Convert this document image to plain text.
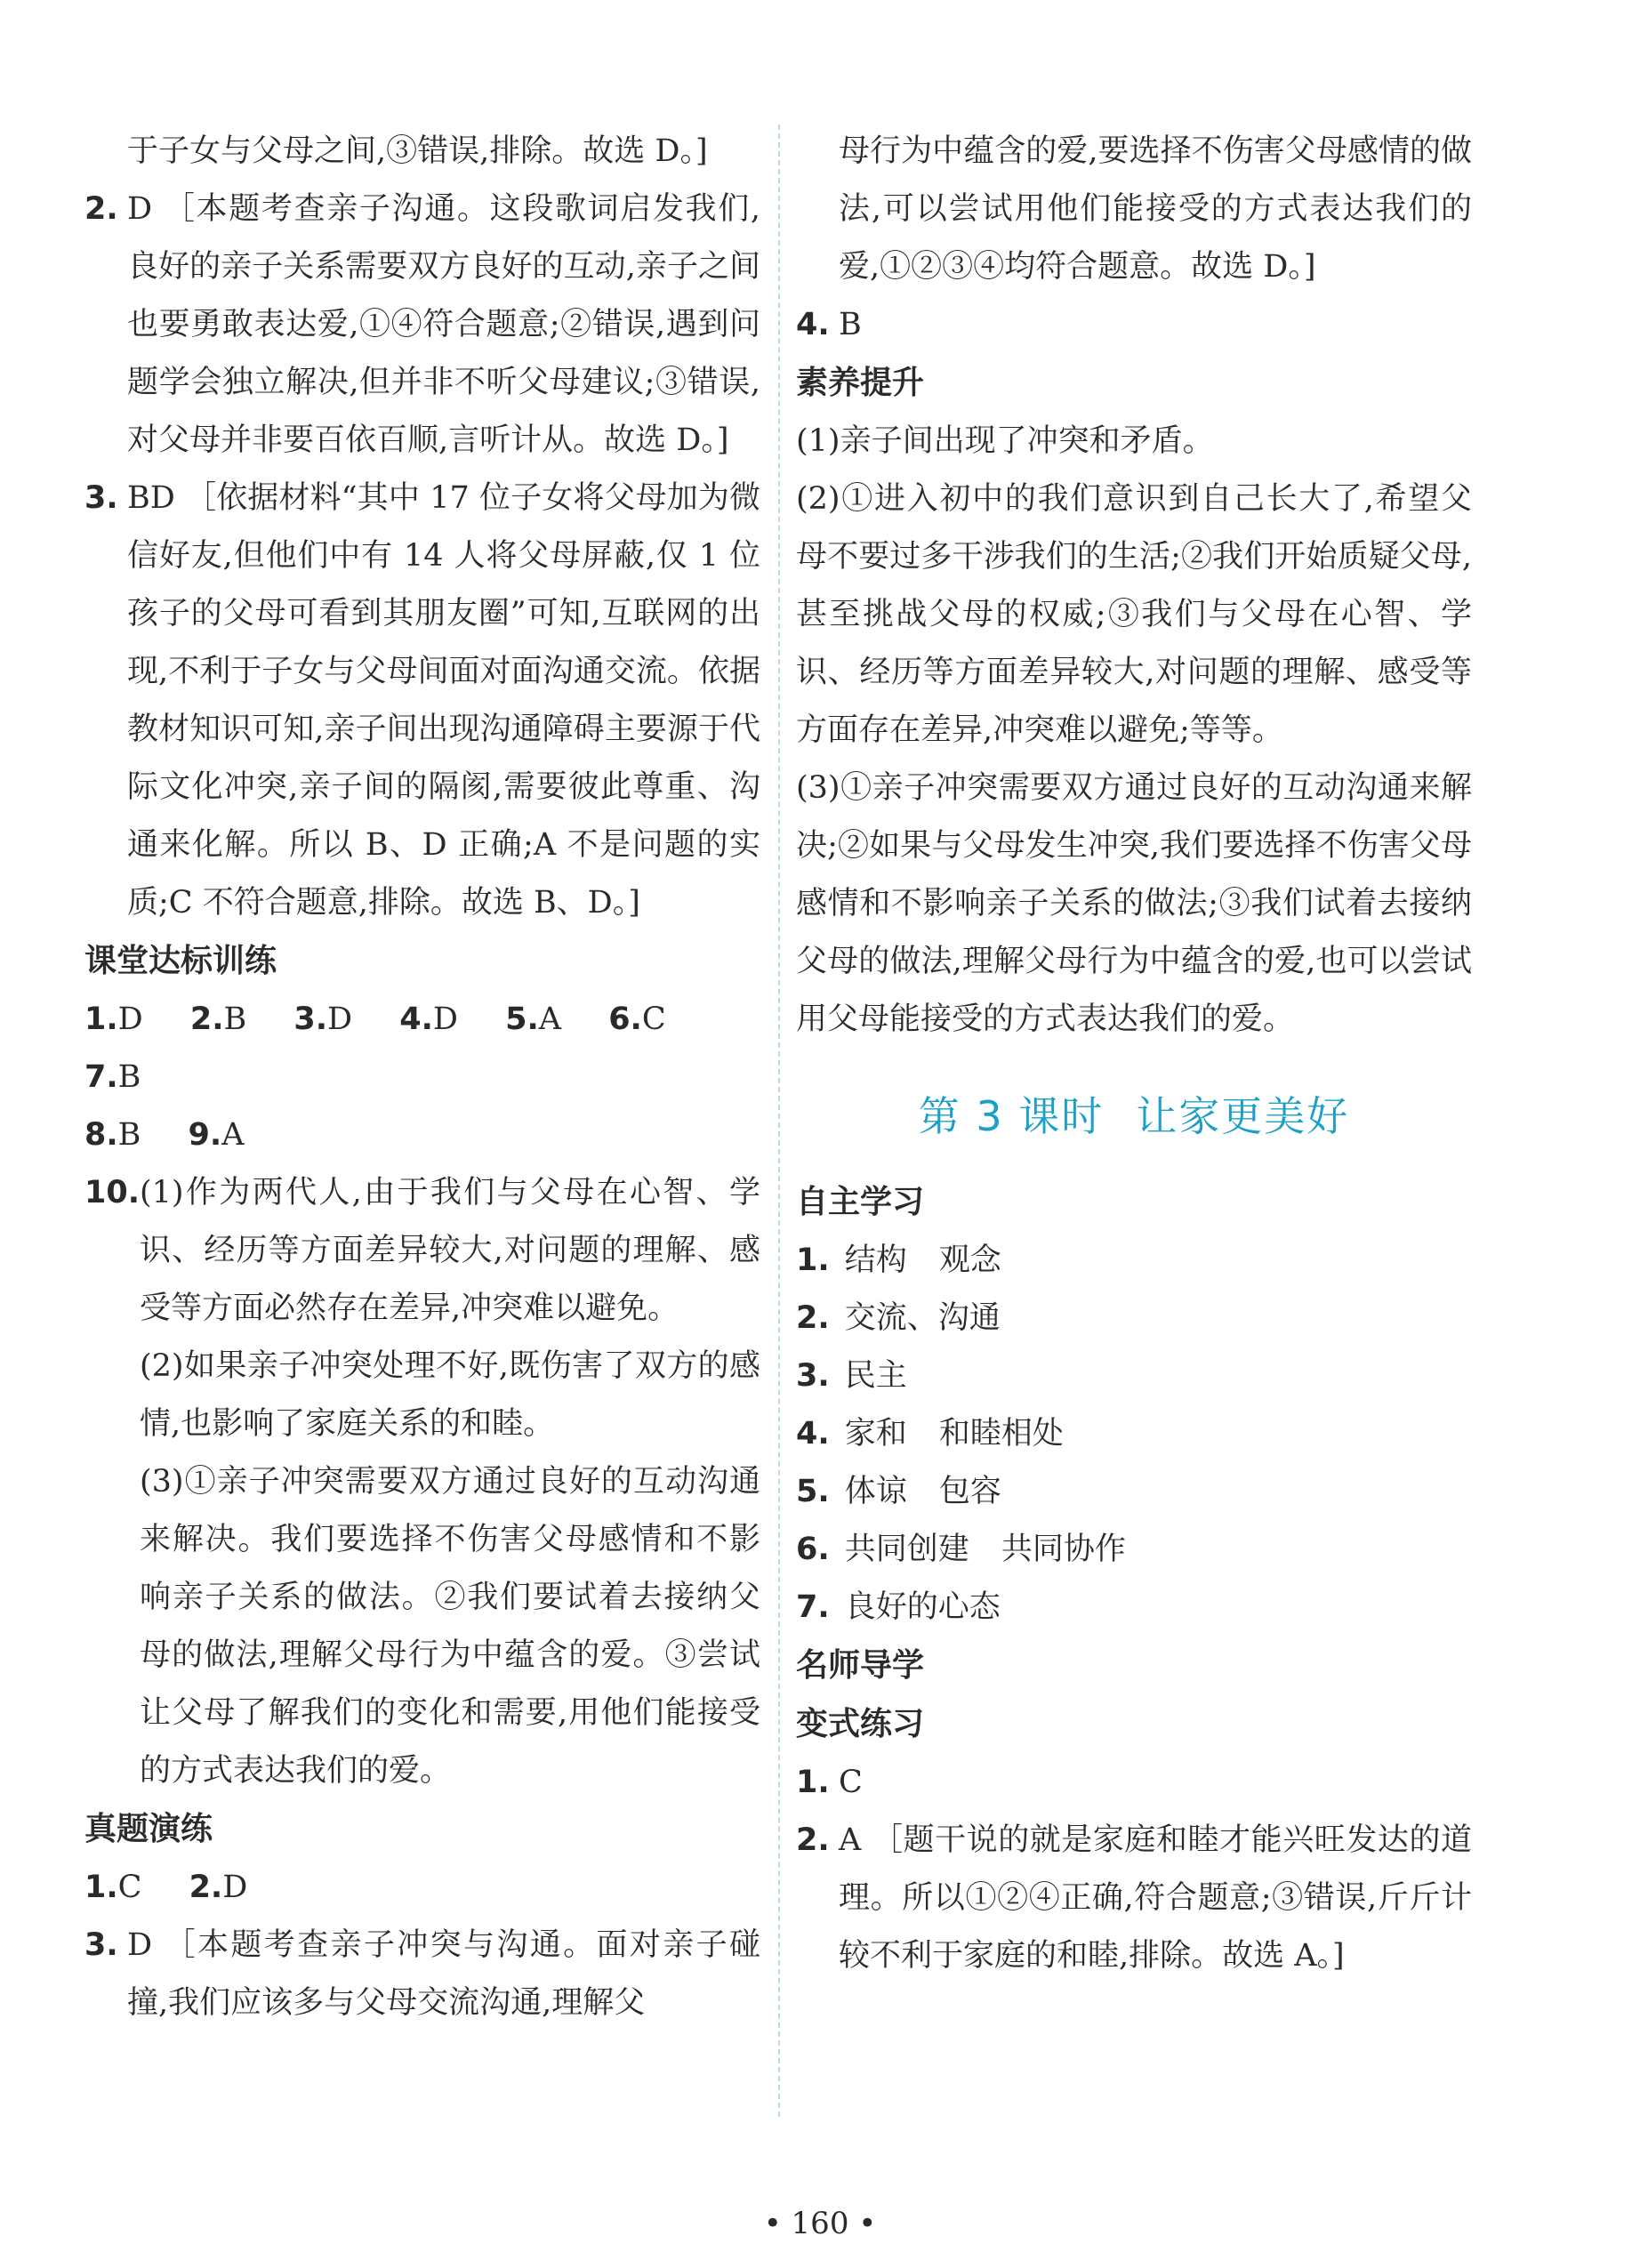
于子女与父母之间,③错误,排除。故选 D。]

2. D ［本题考查亲子沟通。这段歌词启发我们,良好的亲子关系需要双方良好的互动,亲子之间也要勇敢表达爱,①④符合题意;②错误,遇到问题学会独立解决,但并非不听父母建议;③错误,对父母并非要百依百顺,言听计从。故选 D。]

3. BD ［依据材料“其中 17 位子女将父母加为微信好友,但他们中有 14 人将父母屏蔽,仅 1 位孩子的父母可看到其朋友圈”可知,互联网的出现,不利于子女与父母间面对面沟通交流。依据教材知识可知,亲子间出现沟通障碍主要源于代际文化冲突,亲子间的隔阂,需要彼此尊重、沟通来化解。所以 B、D 正确;A 不是问题的实质;C 不符合题意,排除。故选 B、D。]

课堂达标训练
1.D 2.B 3.D 4.D 5.A 6.C 7.B
8.B 9.A
10. (1)作为两代人,由于我们与父母在心智、学识、经历等方面差异较大,对问题的理解、感受等方面必然存在差异,冲突难以避免。

(2)如果亲子冲突处理不好,既伤害了双方的感情,也影响了家庭关系的和睦。

(3)①亲子冲突需要双方通过良好的互动沟通来解决。我们要选择不伤害父母感情和不影响亲子关系的做法。②我们要试着去接纳父母的做法,理解父母行为中蕴含的爱。③尝试让父母了解我们的变化和需要,用他们能接受的方式表达我们的爱。

真题演练
1.C 2.D
3. D ［本题考查亲子冲突与沟通。面对亲子碰撞,我们应该多与父母交流沟通,理解父

母行为中蕴含的爱,要选择不伤害父母感情的做法,可以尝试用他们能接受的方式表达我们的爱,①②③④均符合题意。故选 D。]

4. B

素养提升

(1)亲子间出现了冲突和矛盾。

(2)①进入初中的我们意识到自己长大了,希望父母不要过多干涉我们的生活;②我们开始质疑父母,甚至挑战父母的权威;③我们与父母在心智、学识、经历等方面差异较大,对问题的理解、感受等方面存在差异,冲突难以避免;等等。

(3)①亲子冲突需要双方通过良好的互动沟通来解决;②如果与父母发生冲突,我们要选择不伤害父母感情和不影响亲子关系的做法;③我们试着去接纳父母的做法,理解父母行为中蕴含的爱,也可以尝试用父母能接受的方式表达我们的爱。

第 3 课时 让家更美好
自主学习
1. 结构 观念
2. 交流、沟通
3. 民主
4. 家和 和睦相处
5. 体谅 包容
6. 共同创建 共同协作
7. 良好的心态
名师导学
变式练习
1. C

2. A ［题干说的就是家庭和睦才能兴旺发达的道理。所以①②④正确,符合题意;③错误,斤斤计较不利于家庭的和睦,排除。故选 A。]

• 160 •
